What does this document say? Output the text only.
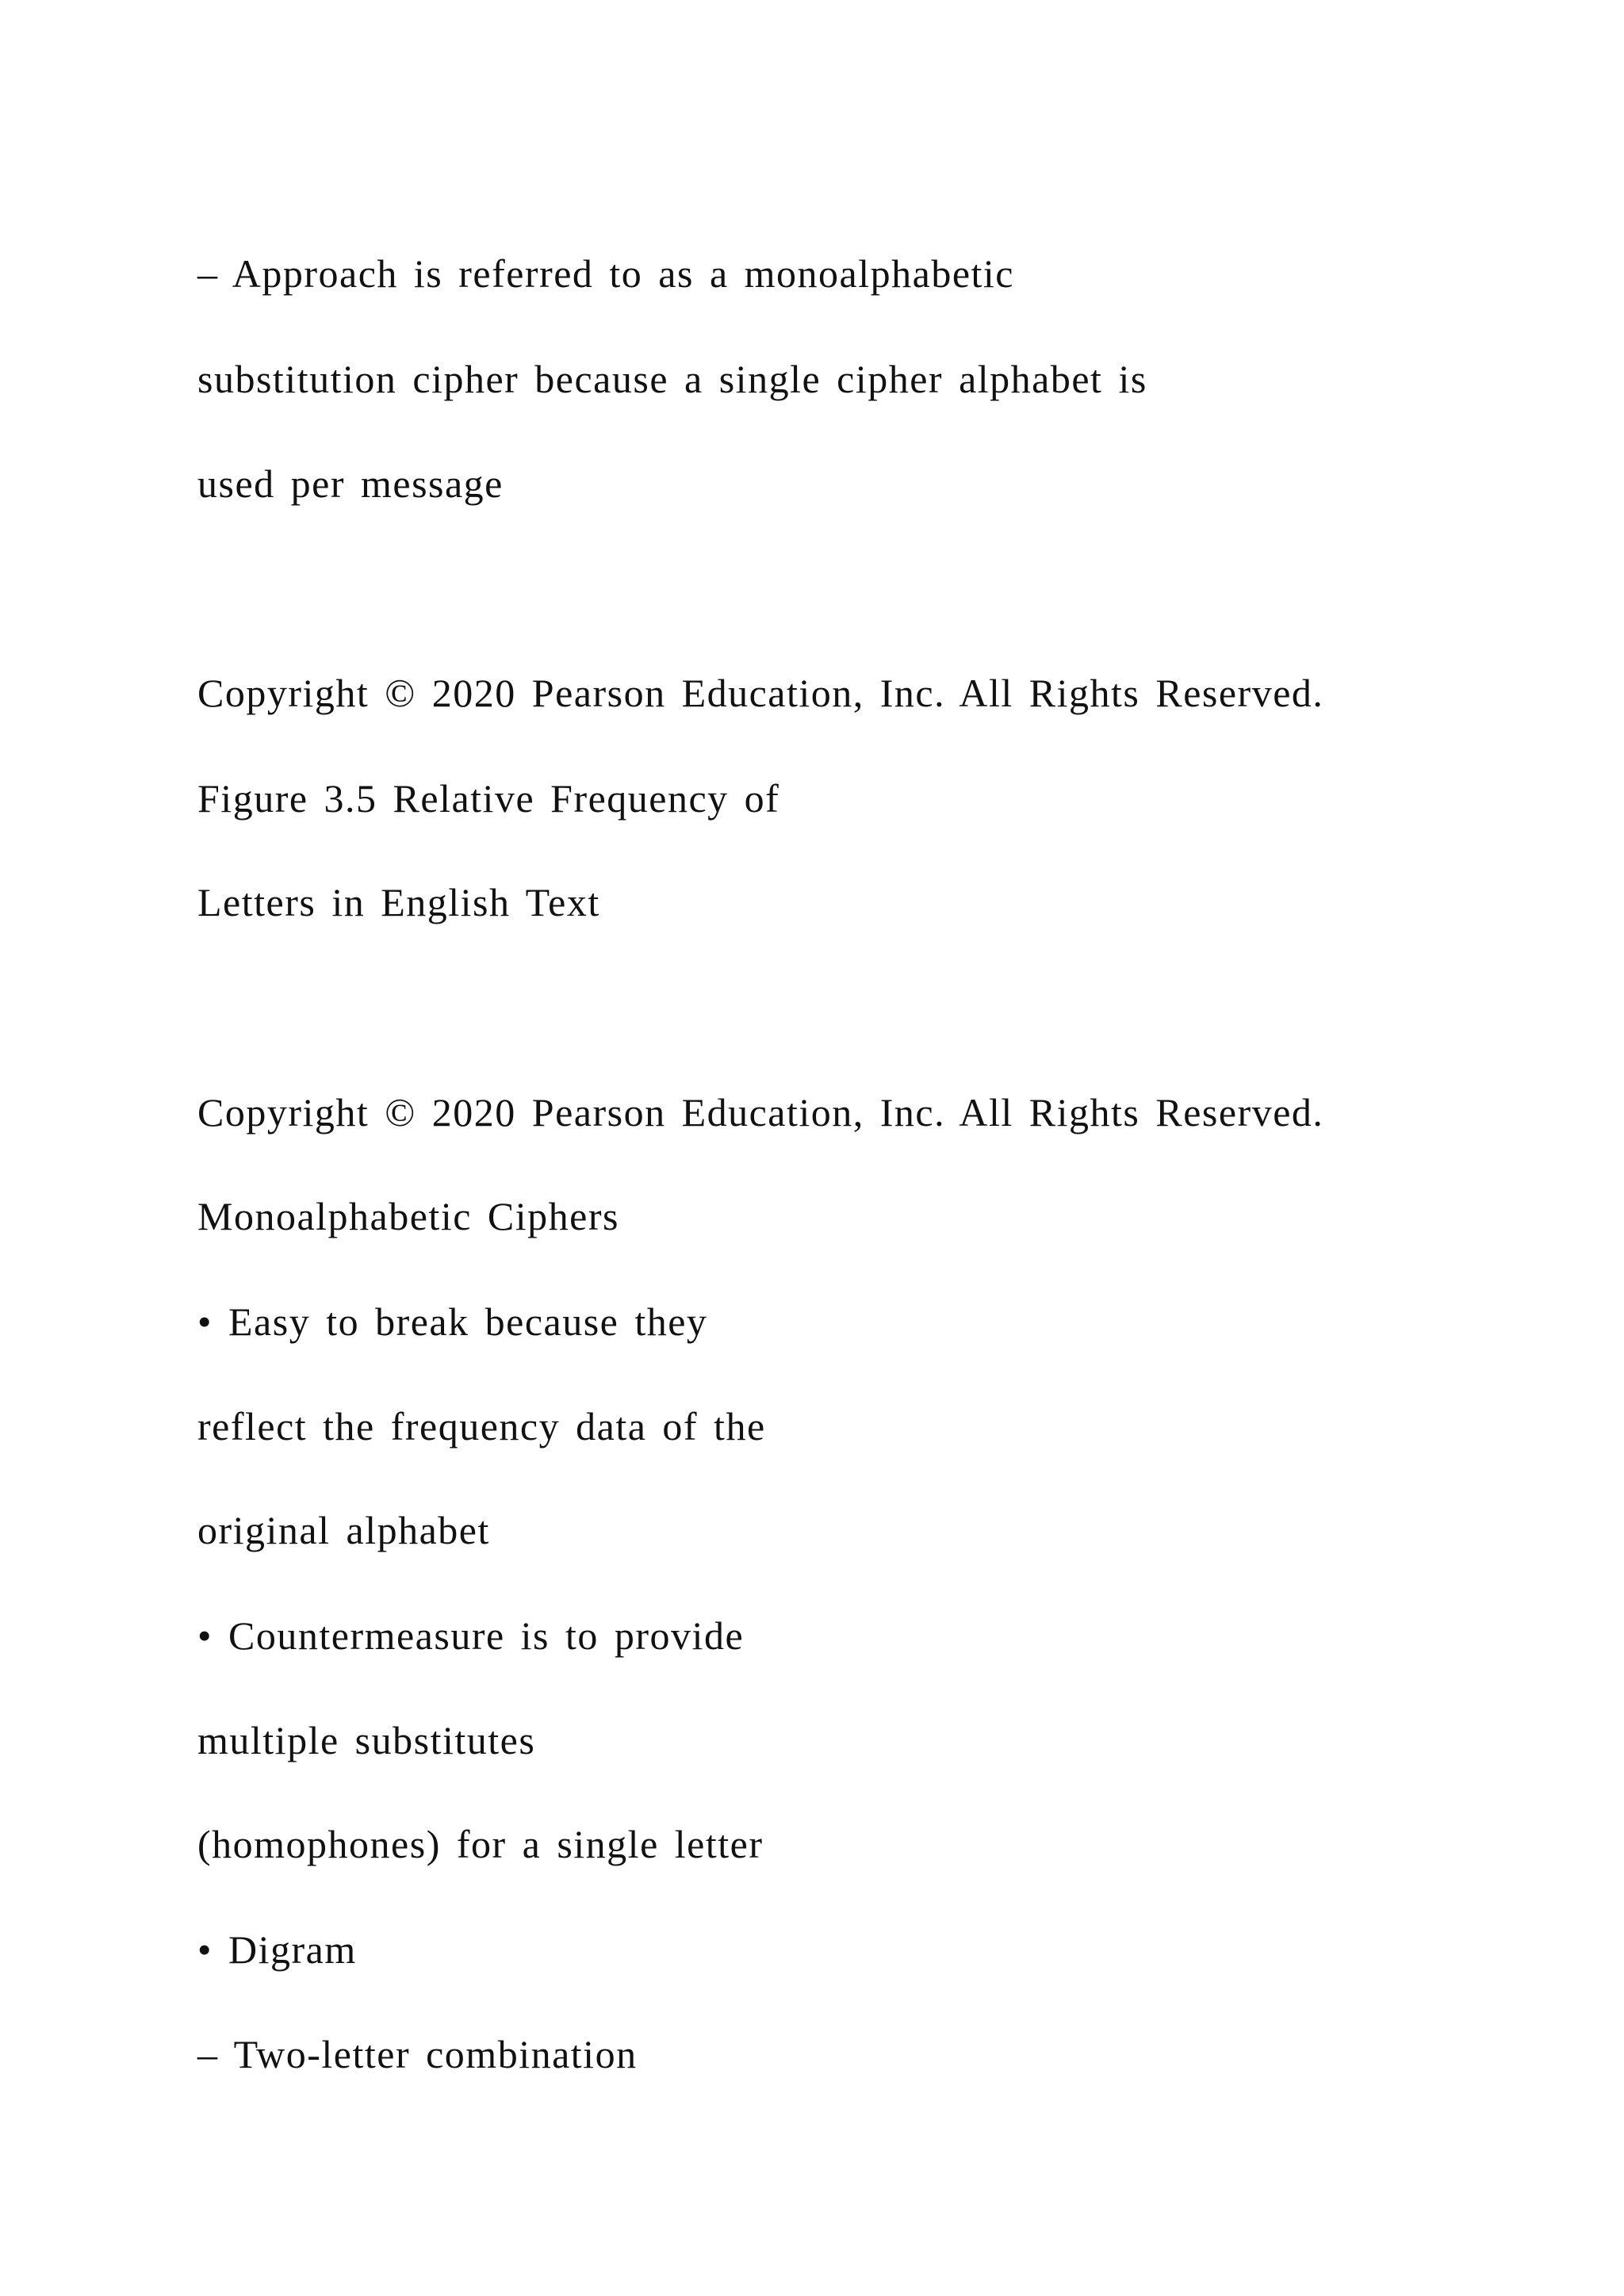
– Approach is referred to as a monoalphabetic
substitution cipher because a single cipher alphabet is
used per message
Copyright © 2020 Pearson Education, Inc. All Rights Reserved.
Figure 3.5 Relative Frequency of
Letters in English Text
Copyright © 2020 Pearson Education, Inc. All Rights Reserved.
Monoalphabetic Ciphers
• Easy to break because they
reflect the frequency data of the
original alphabet
• Countermeasure is to provide
multiple substitutes
(homophones) for a single letter
• Digram
– Two-letter combination
